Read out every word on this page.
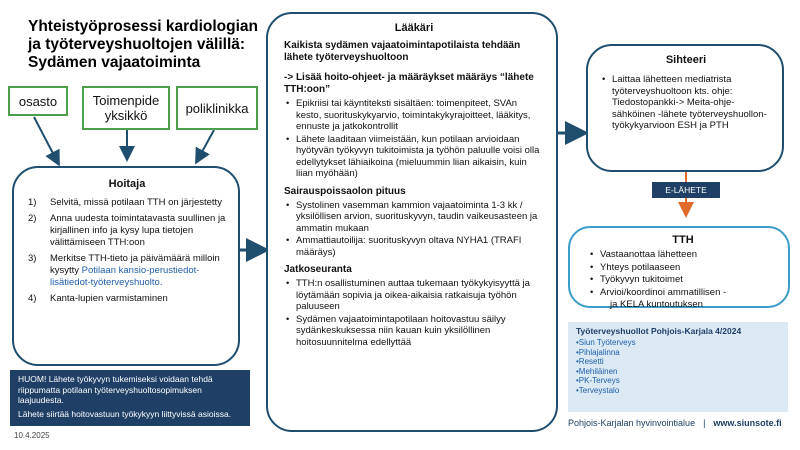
Yhteistyöprosessi kardiologian
ja työterveyshuoltojen välillä:
Sydämen vajaatoiminta
osasto	Toimenpide
yksikkö	poliklinikka
Hoitaja
1)	Selvitä, missä potilaan TTH on järjestetty
2)	Anna uudesta toimintatavasta suullinen ja kirjallinen info ja kysy lupa tietojen välittämiseen TTH:oon
3)	Merkitse TTH-tieto ja päivämäärä milloin kysytty Potilaan kansio-perustiedot-lisätiedot-työterveyshuolto.
4)	Kanta-lupien varmistaminen

HUOM! Lähete työkyvyn tukemiseksi voidaan tehdä riippumatta potilaan työterveyshuoltosopimuksen laajuudesta.

Lähete siirtää hoitovastuun työkykyyn liittyvissä asioissa.

10.4.2025
Lääkäri
Kaikista sydämen vajaatoimintapotilaista tehdään lähete työterveyshuoltoon
-> Lisää hoito-ohjeet- ja määräykset määräys “lähete TTH:oon”
• Epikriisi tai käyntiteksti sisältäen: toimenpiteet, SVAn kesto, suorituskykyarvio, toimintakykyrajoitteet, lääkitys, ennuste ja jatkokontrollit
• Lähete laaditaan viimeistään, kun potilaan arvioidaan hyötyvän työkyvyn tukitoimista ja työhön paluulle voisi olla edellytykset lähiaikoina (mieluummin liian aikaisin, kuin liian myöhään)
Sairauspoissaolon pituus
• Systolinen vasemman kammion vajaatoiminta 1-3 kk / yksilöllisen arvion, suorituskyvyn, taudin vaikeusasteen ja ammatin mukaan
• Ammattiautoilija: suorituskyvyn oltava NYHA1 (TRAFI määräys)
Jatkoseuranta
• TTH:n osallistuminen auttaa tukemaan työkykyisyyttä ja löytämään sopivia ja oikea-aikaisia ratkaisuja työhön paluuseen
• Sydämen vajaatoimintapotilaan hoitovastuu säilyy sydänkeskuksessa niin kauan kuin yksilöllinen hoitosuunnitelma edellyttää
Sihteeri
• Laittaa lähetteen mediatrista työterveyshuoltoon kts. ohje: Tiedostopankki-> Meita-ohje-sähköinen -lähete työterveyshuollon-työkykyarvioon ESH ja PTH
E-LÄHETE
TTH
• Vastaanottaa lähetteen
• Yhteys potilaaseen
• Työkyvyn tukitoimet
• Arvioi/koordinoi ammatillisen -
ja KELA kuntoutuksen
Työterveyshuollot Pohjois-Karjala 4/2024
•Siun Työterveys
•Pihlajalinna
•Resetti
•Mehiläinen
•PK-Terveys
•Terveystalo
Pohjois-Karjalan hyvinvointialue | www.siunsote.fi
